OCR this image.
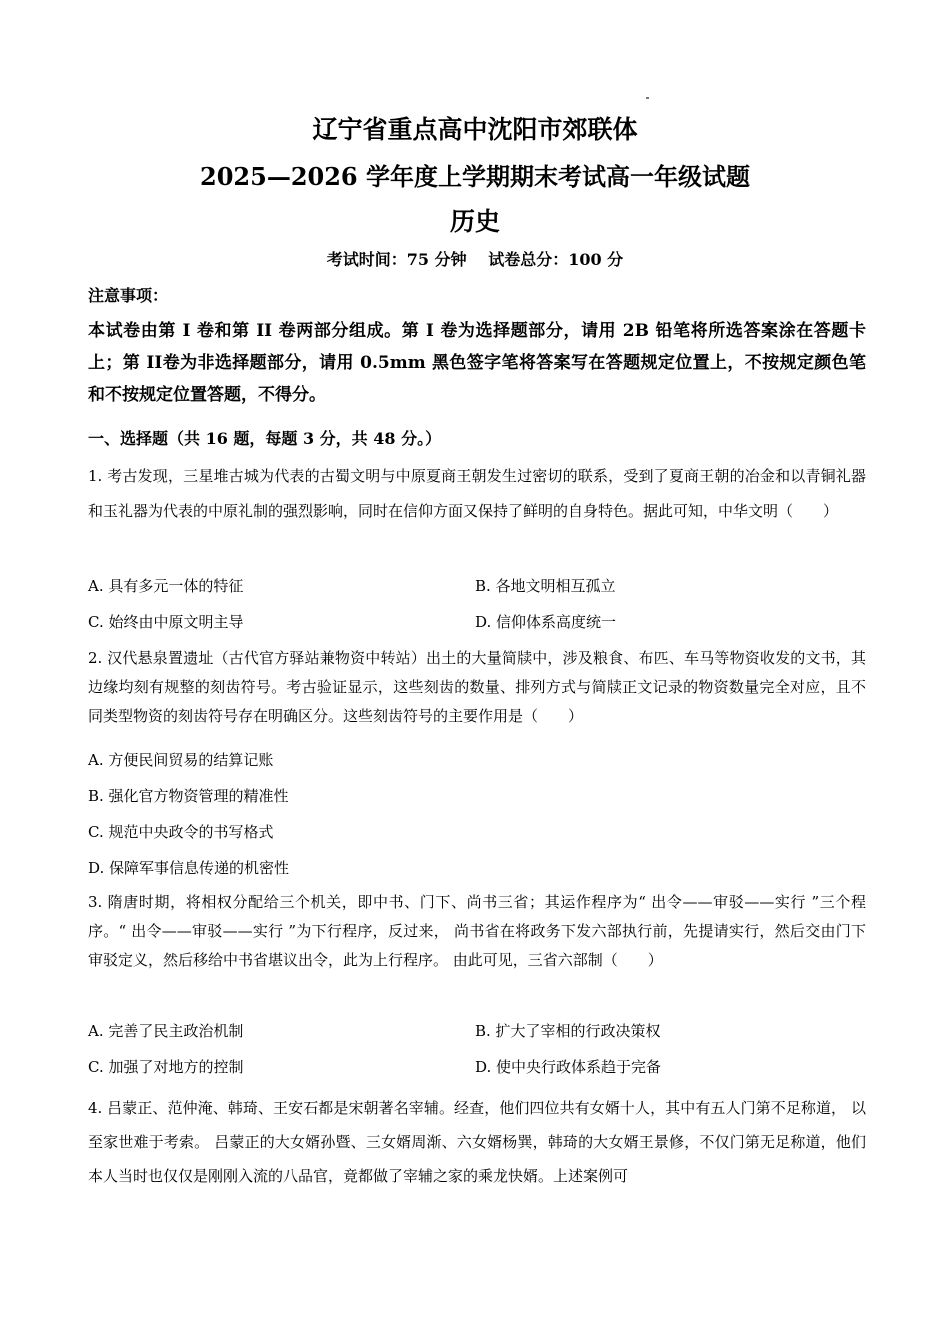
辽宁省重点高中沈阳市郊联体
2025—2026 学年度上学期期末考试高一年级试题
历史
考试时间：75 分钟　 试卷总分：100 分
注意事项：
本试卷由第 I 卷和第 II 卷两部分组成。第 I 卷为选择题部分，请用 2B 铅笔将所选答案涂在答题卡上；第 II卷为非选择题部分，请用 0.5mm 黑色签字笔将答案写在答题规定位置上，不按规定颜色笔和不按规定位置答题，不得分。
一、选择题（共 16 题，每题 3 分，共 48 分。）
1. 考古发现，三星堆古城为代表的古蜀文明与中原夏商王朝发生过密切的联系，受到了夏商王朝的冶金和以青铜礼器和玉礼器为代表的中原礼制的强烈影响，同时在信仰方面又保持了鲜明的自身特色。据此可知，中华文明（　　）
A. 具有多元一体的特征	B. 各地文明相互孤立
C. 始终由中原文明主导	D. 信仰体系高度统一
2. 汉代悬泉置遗址（古代官方驿站兼物资中转站）出土的大量简牍中，涉及粮食、布匹、车马等物资收发的文书，其边缘均刻有规整的刻齿符号。考古验证显示，这些刻齿的数量、排列方式与简牍正文记录的物资数量完全对应，且不同类型物资的刻齿符号存在明确区分。这些刻齿符号的主要作用是（　　）
A. 方便民间贸易的结算记账
B. 强化官方物资管理的精准性
C. 规范中央政令的书写格式
D. 保障军事信息传递的机密性
3. 隋唐时期，将相权分配给三个机关，即中书、门下、尚书三省；其运作程序为“ 出令——审驳——实行 ”三个程序。“ 出令——审驳——实行 ”为下行程序，反过来， 尚书省在将政务下发六部执行前，先提请实行，然后交由门下审驳定义，然后移给中书省堪议出令，此为上行程序。 由此可见，三省六部制（　　）
A. 完善了民主政治机制	B. 扩大了宰相的行政决策权
C. 加强了对地方的控制	D. 使中央行政体系趋于完备
4. 吕蒙正、范仲淹、韩琦、王安石都是宋朝著名宰辅。经查，他们四位共有女婿十人，其中有五人门第不足称道， 以至家世难于考索。 吕蒙正的大女婿孙暨、三女婿周渐、六女婿杨巽，韩琦的大女婿王景修，不仅门第无足称道，他们本人当时也仅仅是刚刚入流的八品官，竟都做了宰辅之家的乘龙快婿。上述案例可
